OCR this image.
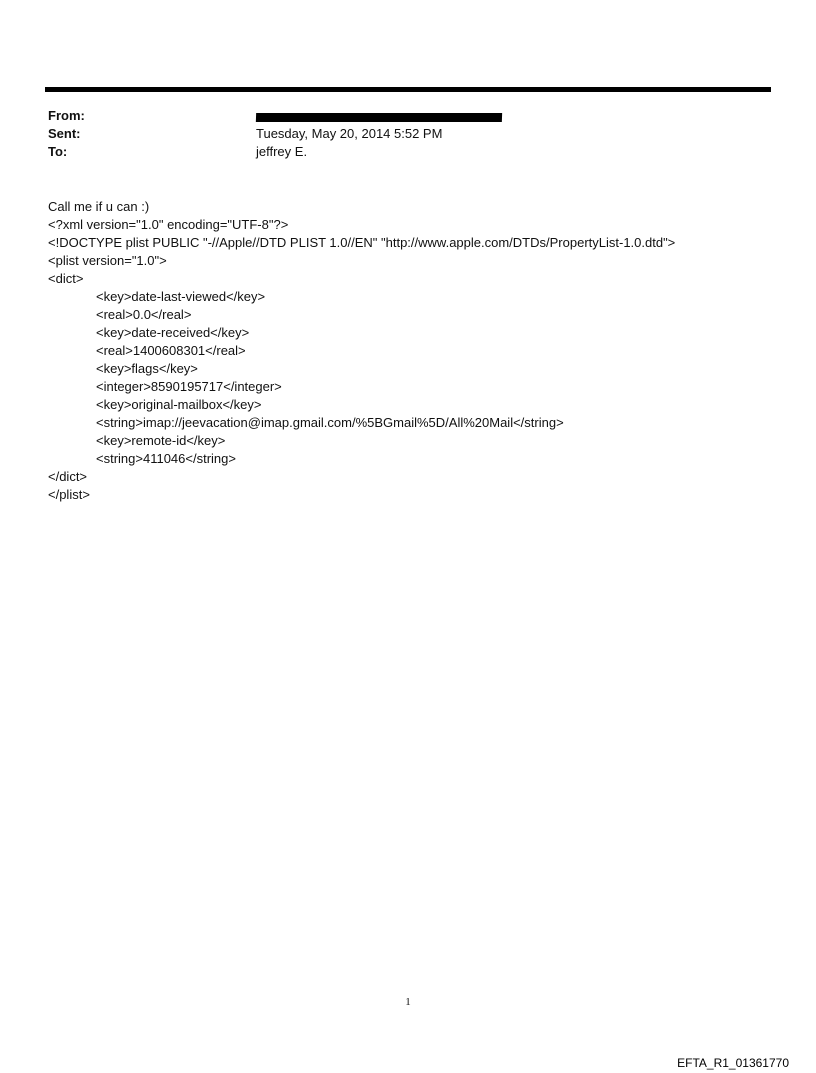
From:
Sent:	Tuesday, May 20, 2014 5:52 PM
To:	jeffrey E.
Call me if u can :)
<?xml version="1.0" encoding="UTF-8"?>
<!DOCTYPE plist PUBLIC "-//Apple//DTD PLIST 1.0//EN" "http://www.apple.com/DTDs/PropertyList-1.0.dtd">
<plist version="1.0">
<dict>
<key>date-last-viewed</key>
<real>0.0</real>
<key>date-received</key>
<real>1400608301</real>
<key>flags</key>
<integer>8590195717</integer>
<key>original-mailbox</key>
<string>imap://jeevacation@imap.gmail.com/%5BGmail%5D/All%20Mail</string>
<key>remote-id</key>
<string>411046</string>
</dict>
</plist>
1
EFTA_R1_01361770
